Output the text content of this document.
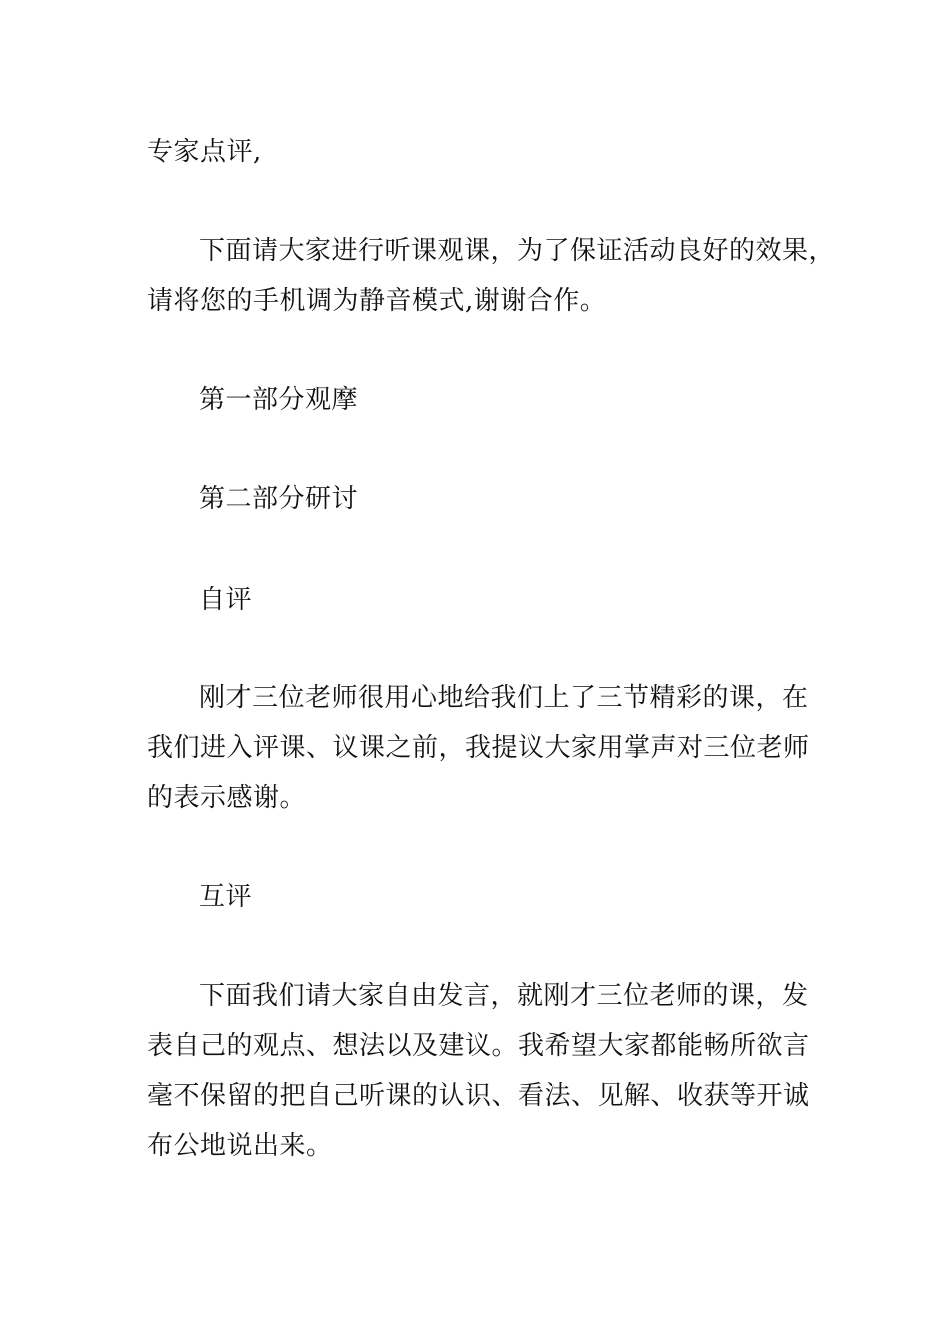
专家点评,

下面请大家进行听课观课，为了保证活动良好的效果，
请将您的手机调为静音模式,谢谢合作。

第一部分观摩

第二部分研讨

自评

刚才三位老师很用心地给我们上了三节精彩的课，在
我们进入评课、议课之前，我提议大家用掌声对三位老师
的表示感谢。

互评

下面我们请大家自由发言，就刚才三位老师的课，发
表自己的观点、想法以及建议。我希望大家都能畅所欲言
毫不保留的把自己听课的认识、看法、见解、收获等开诚
布公地说出来。
